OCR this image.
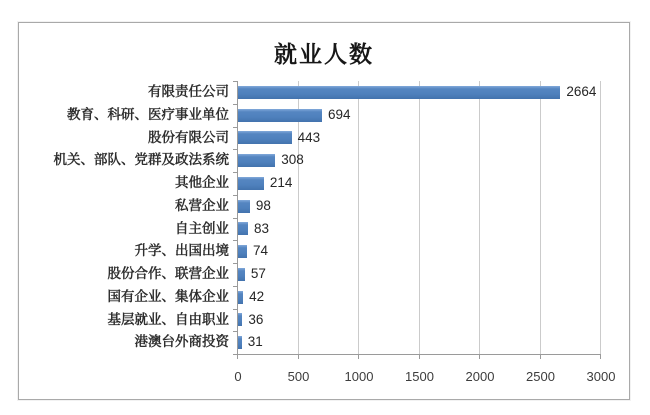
就业人数
0	500	1000	1500	2000	2500	3000
2664
694
443
308
214
98
83
74
57
42
36
31
有限责任公司
教育、科研、医疗事业单位
股份有限公司
机关、部队、党群及政法系统
其他企业
私营企业
自主创业
升学、出国出境
股份合作、联营企业
国有企业、集体企业
基层就业、自由职业
港澳台外商投资
